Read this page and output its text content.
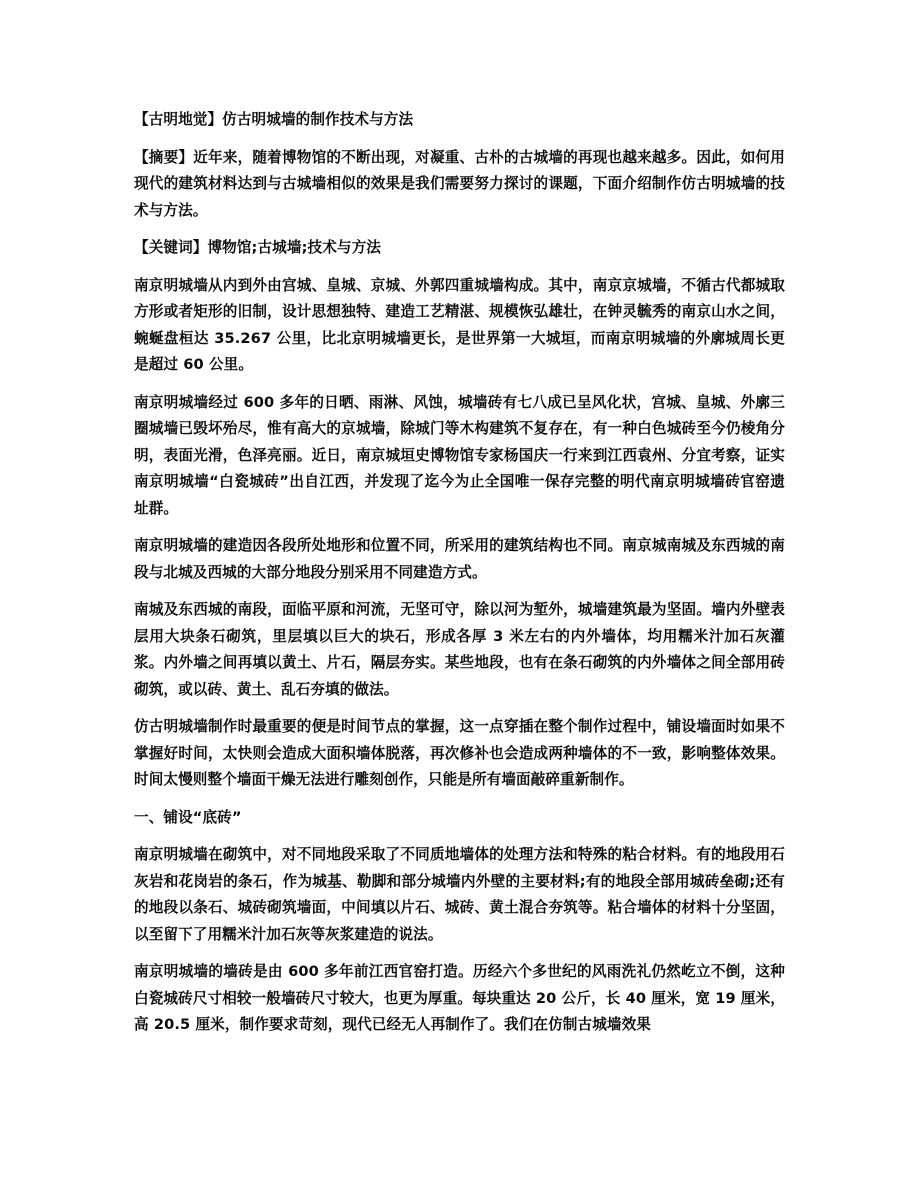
【古明地觉】仿古明城墙的制作技术与方法

【摘要】近年来，随着博物馆的不断出现，对凝重、古朴的古城墙的再现也越来越多。因此，如何用现代的建筑材料达到与古城墙相似的效果是我们需要努力探讨的课题，下面介绍制作仿古明城墙的技术与方法。

【关键词】博物馆;古城墙;技术与方法

南京明城墙从内到外由宫城、皇城、京城、外郭四重城墙构成。其中，南京京城墙，不循古代都城取方形或者矩形的旧制，设计思想独特、建造工艺精湛、规模恢弘雄壮，在钟灵毓秀的南京山水之间，蜿蜒盘桓达 35.267 公里，比北京明城墙更长，是世界第一大城垣，而南京明城墙的外廓城周长更是超过 60 公里。

南京明城墙经过 600 多年的日晒、雨淋、风蚀，城墙砖有七八成已呈风化状，宫城、皇城、外廓三圈城墙已毁坏殆尽，惟有高大的京城墙，除城门等木构建筑不复存在，有一种白色城砖至今仍棱角分明，表面光滑，色泽亮丽。近日，南京城垣史博物馆专家杨国庆一行来到江西袁州、分宜考察，证实南京明城墙“白瓷城砖”出自江西，并发现了迄今为止全国唯一保存完整的明代南京明城墙砖官窑遗址群。

南京明城墙的建造因各段所处地形和位置不同，所采用的建筑结构也不同。南京城南城及东西城的南段与北城及西城的大部分地段分别采用不同建造方式。

南城及东西城的南段，面临平原和河流，无坚可守，除以河为堑外，城墙建筑最为坚固。墙内外壁表层用大块条石砌筑，里层填以巨大的块石，形成各厚 3 米左右的内外墙体，均用糯米汁加石灰灌浆。内外墙之间再填以黄土、片石，隔层夯实。某些地段，也有在条石砌筑的内外墙体之间全部用砖砌筑，或以砖、黄土、乱石夯填的做法。

仿古明城墙制作时最重要的便是时间节点的掌握，这一点穿插在整个制作过程中，铺设墙面时如果不掌握好时间，太快则会造成大面积墙体脱落，再次修补也会造成两种墙体的不一致，影响整体效果。时间太慢则整个墙面干燥无法进行雕刻创作，只能是所有墙面敲碎重新制作。

一、铺设“底砖”

南京明城墙在砌筑中，对不同地段采取了不同质地墙体的处理方法和特殊的粘合材料。有的地段用石灰岩和花岗岩的条石，作为城基、勒脚和部分城墙内外壁的主要材料;有的地段全部用城砖垒砌;还有的地段以条石、城砖砌筑墙面，中间填以片石、城砖、黄土混合夯筑等。粘合墙体的材料十分坚固，以至留下了用糯米汁加石灰等灰浆建造的说法。

南京明城墙的墙砖是由 600 多年前江西官窑打造。历经六个多世纪的风雨洗礼仍然屹立不倒，这种白瓷城砖尺寸相较一般墙砖尺寸较大，也更为厚重。每块重达 20 公斤，长 40 厘米，宽 19 厘米，高 20.5 厘米，制作要求苛刻，现代已经无人再制作了。我们在仿制古城墙效果
